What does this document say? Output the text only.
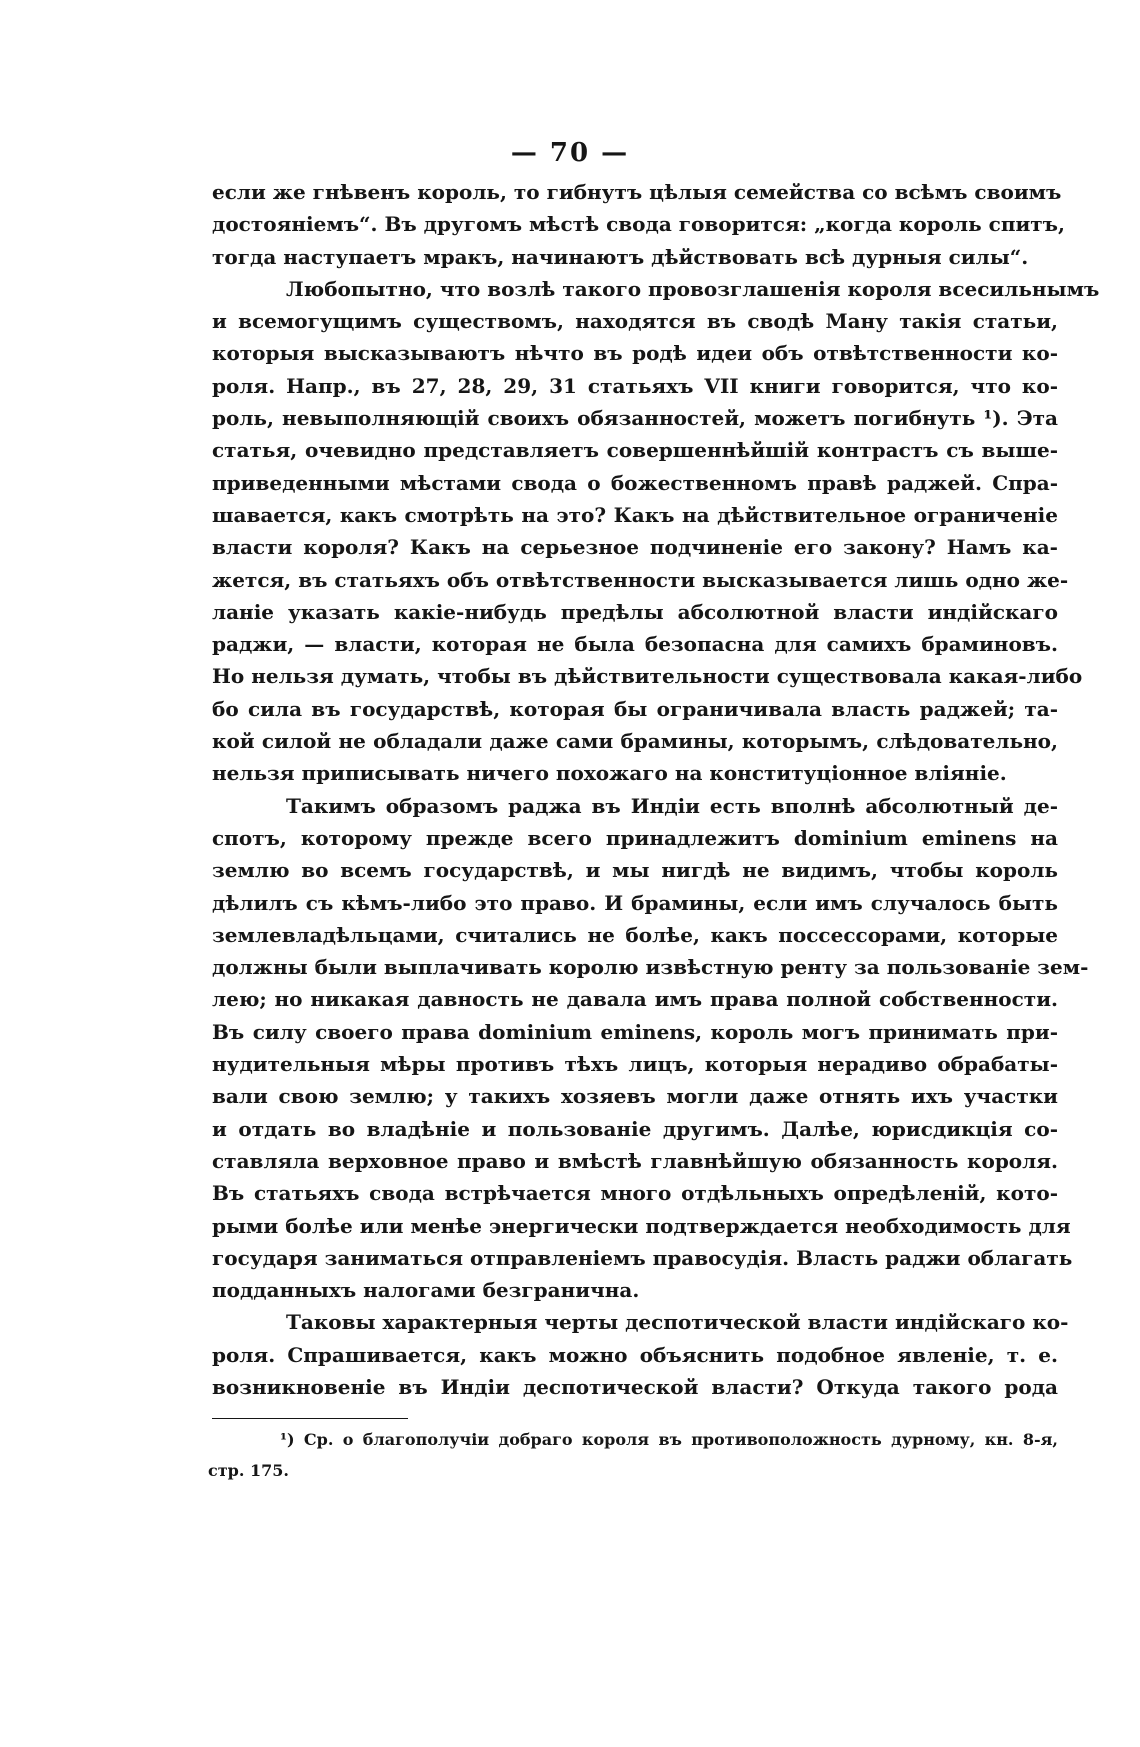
— 70 —
если же гнѣвенъ король, то гибнутъ цѣлыя семейства со всѣмъ своимъ
достояніемъ“. Въ другомъ мѣстѣ свода говорится: „когда король спитъ,
тогда наступаетъ мракъ, начинаютъ дѣйствовать всѣ дурныя силы“.
Любопытно, что возлѣ такого провозглашенія короля всесильнымъ
и всемогущимъ существомъ, находятся въ сводѣ Ману такія статьи,
которыя высказываютъ нѣчто въ родѣ идеи объ отвѣтственности ко-
роля. Напр., въ 27, 28, 29, 31 статьяхъ VII книги говорится, что ко-
роль, невыполняющій своихъ обязанностей, можетъ погибнуть ¹). Эта
статья, очевидно представляетъ совершеннѣйшій контрастъ съ выше-
приведенными мѣстами свода о божественномъ правѣ раджей. Спра-
шавается, какъ смотрѣть на это? Какъ на дѣйствительное ограниченіе
власти короля? Какъ на серьезное подчиненіе его закону? Намъ ка-
жется, въ статьяхъ объ отвѣтственности высказывается лишь одно же-
ланіе указать какіе-нибудь предѣлы абсолютной власти индійскаго
раджи, — власти, которая не была безопасна для самихъ браминовъ.
Но нельзя думать, чтобы въ дѣйствительности существовала какая-либо
бо сила въ государствѣ, которая бы ограничивала власть раджей; та-
кой силой не обладали даже сами брамины, которымъ, слѣдовательно,
нельзя приписывать ничего похожаго на конституціонное вліяніе.
Такимъ образомъ раджа въ Индіи есть вполнѣ абсолютный де-
спотъ, которому прежде всего принадлежитъ dominium eminens на
землю во всемъ государствѣ, и мы нигдѣ не видимъ, чтобы король
дѣлилъ съ кѣмъ-либо это право. И брамины, если имъ случалось быть
землевладѣльцами, считались не болѣе, какъ поссессорами, которые
должны были выплачивать королю извѣстную ренту за пользованіе зем-
лею; но никакая давность не давала имъ права полной собственности.
Въ силу своего права dominium eminens, король могъ принимать при-
нудительныя мѣры противъ тѣхъ лицъ, которыя нерадиво обрабаты-
вали свою землю; у такихъ хозяевъ могли даже отнять ихъ участки
и отдать во владѣніе и пользованіе другимъ. Далѣе, юрисдикція со-
ставляла верховное право и вмѣстѣ главнѣйшую обязанность короля.
Въ статьяхъ свода встрѣчается много отдѣльныхъ опредѣленій, кото-
рыми болѣе или менѣе энергически подтверждается необходимость для
государя заниматься отправленіемъ правосудія. Власть раджи облагать
подданныхъ налогами безгранична.
Таковы характерныя черты деспотической власти индійскаго ко-
роля. Спрашивается, какъ можно объяснить подобное явленіе, т. е.
возникновеніе въ Индіи деспотической власти? Откуда такого рода
¹) Ср. о благополучіи добраго короля въ противоположность дурному, кн. 8-я,
стр. 175.
